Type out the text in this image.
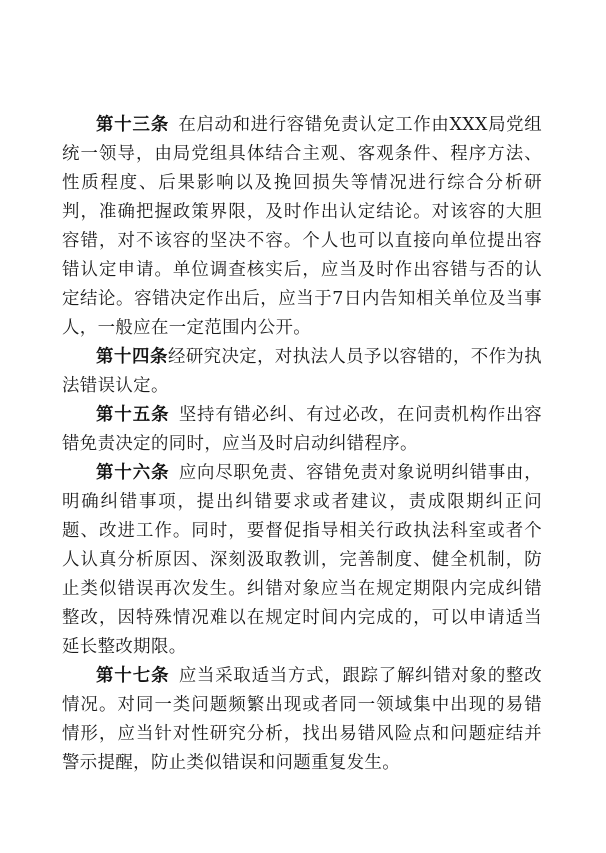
第十三条 在启动和进行容错免责认定工作由XXX局党组统一领导，由局党组具体结合主观、客观条件、程序方法、性质程度、后果影响以及挽回损失等情况进行综合分析研判，准确把握政策界限，及时作出认定结论。对该容的大胆容错，对不该容的坚决不容。个人也可以直接向单位提出容错认定申请。单位调查核实后，应当及时作出容错与否的认定结论。容错决定作出后，应当于7日内告知相关单位及当事人，一般应在一定范围内公开。

第十四条经研究决定，对执法人员予以容错的，不作为执法错误认定。

第十五条 坚持有错必纠、有过必改，在问责机构作出容错免责决定的同时，应当及时启动纠错程序。

第十六条 应向尽职免责、容错免责对象说明纠错事由，明确纠错事项，提出纠错要求或者建议，责成限期纠正问题、改进工作。同时，要督促指导相关行政执法科室或者个人认真分析原因、深刻汲取教训，完善制度、健全机制，防止类似错误再次发生。纠错对象应当在规定期限内完成纠错整改，因特殊情况难以在规定时间内完成的，可以申请适当延长整改期限。

第十七条 应当采取适当方式，跟踪了解纠错对象的整改情况。对同一类问题频繁出现或者同一领域集中出现的易错情形，应当针对性研究分析，找出易错风险点和问题症结并警示提醒，防止类似错误和问题重复发生。
